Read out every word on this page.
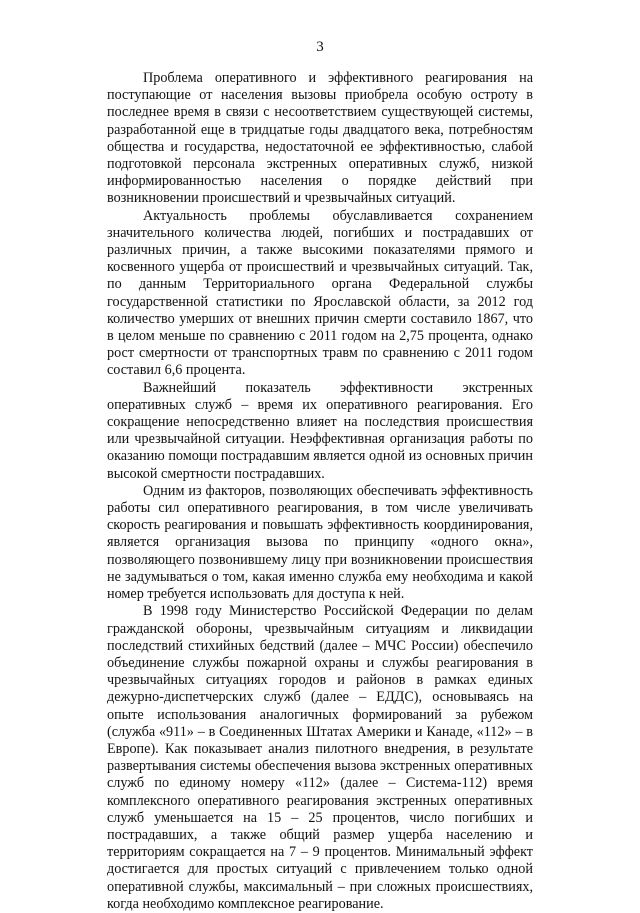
3

Проблема оперативного и эффективного реагирования на поступающие от населения вызовы приобрела особую остроту в последнее время в связи с несоответствием существующей системы, разработанной еще в тридцатые годы двадцатого века, потребностям общества и государства, недостаточной ее эффективностью, слабой подготовкой персонала экстренных оперативных служб, низкой информированностью населения о порядке действий при возникновении происшествий и чрезвычайных ситуаций.

Актуальность проблемы обуславливается сохранением значительного количества людей, погибших и пострадавших от различных причин, а также высокими показателями прямого и косвенного ущерба от происшествий и чрезвычайных ситуаций. Так, по данным Территориального органа Федеральной службы государственной статистики по Ярославской области, за 2012 год количество умерших от внешних причин смерти составило 1867, что в целом меньше по сравнению с 2011 годом на 2,75 процента, однако рост смертности от транспортных травм по сравнению с 2011 годом составил 6,6 процента.

Важнейший показатель эффективности экстренных оперативных служб – время их оперативного реагирования. Его сокращение непосредственно влияет на последствия происшествия или чрезвычайной ситуации. Неэффективная организация работы по оказанию помощи пострадавшим является одной из основных причин высокой смертности пострадавших.

Одним из факторов, позволяющих обеспечивать эффективность работы сил оперативного реагирования, в том числе увеличивать скорость реагирования и повышать эффективность координирования, является организация вызова по принципу «одного окна», позволяющего позвонившему лицу при возникновении происшествия не задумываться о том, какая именно служба ему необходима и какой номер требуется использовать для доступа к ней.

В 1998 году Министерство Российской Федерации по делам гражданской обороны, чрезвычайным ситуациям и ликвидации последствий стихийных бедствий (далее – МЧС России) обеспечило объединение службы пожарной охраны и службы реагирования в чрезвычайных ситуациях городов и районов в рамках единых дежурно-диспетчерских служб (далее – ЕДДС), основываясь на опыте использования аналогичных формирований за рубежом (служба «911» – в Соединенных Штатах Америки и Канаде, «112» – в Европе). Как показывает анализ пилотного внедрения, в результате развертывания системы обеспечения вызова экстренных оперативных служб по единому номеру «112» (далее – Система-112) время комплексного оперативного реагирования экстренных оперативных служб уменьшается на 15 – 25 процентов, число погибших и пострадавших, а также общий размер ущерба населению и территориям сокращается на 7 – 9 процентов. Минимальный эффект достигается для простых ситуаций с привлечением только одной оперативной службы, максимальный – при сложных происшествиях, когда необходимо комплексное реагирование.
